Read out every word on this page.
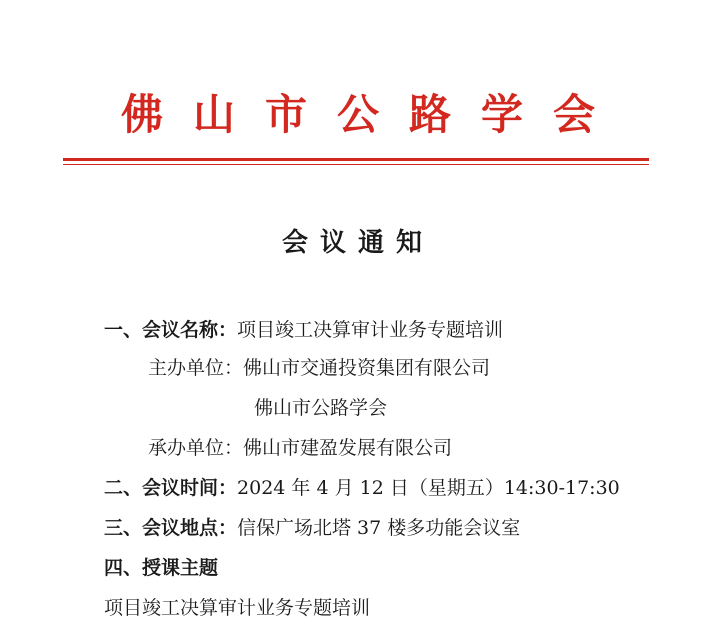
佛山市公路学会
会议通知
一、会议名称：项目竣工决算审计业务专题培训
主办单位：佛山市交通投资集团有限公司
佛山市公路学会
承办单位：佛山市建盈发展有限公司
二、会议时间：2024 年 4 月 12 日（星期五）14:30-17:30
三、会议地点：信保广场北塔 37 楼多功能会议室
四、授课主题
项目竣工决算审计业务专题培训
